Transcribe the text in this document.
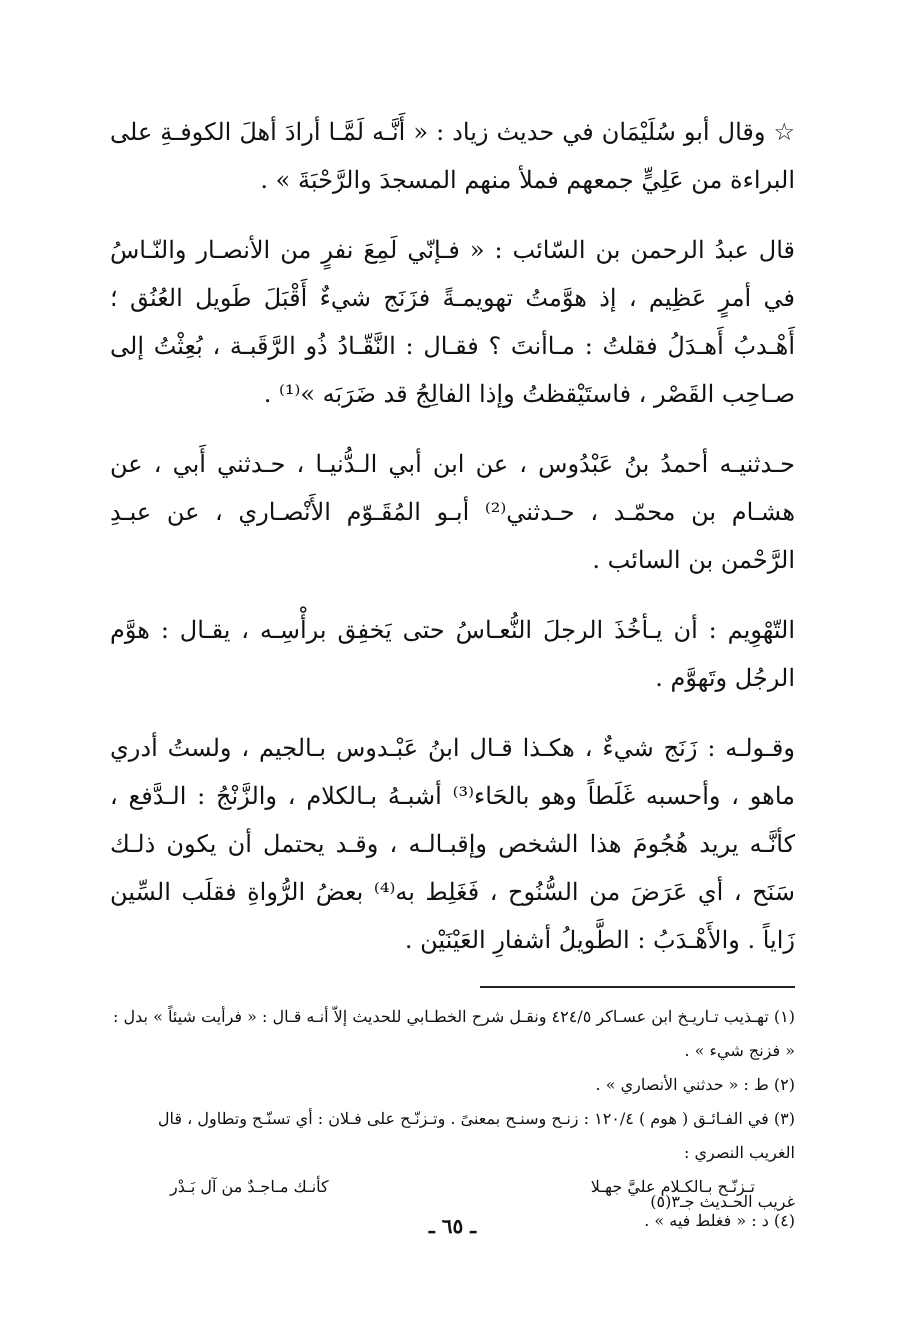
☆ وقال أبو سُلَيْمَان في حديث زياد : « أَنَّـه لَمَّـا أرادَ أهلَ الكوفـةِ على البراءة من عَلِيٍّ جمعهم فملأ منهم المسجدَ والرَّحْبَةَ » .

قال عبدُ الرحمن بن السّائب : « فـإنّي لَمِعَ نفرٍ من الأنصـار والنّـاسُ في أمرٍ عَظِيم ، إذ هوَّمتُ تهويمـةً فزَنَج شيءٌ أَقْبَلَ طَويل العُنُق ؛ أَهْـدبُ أَهـدَلُ فقلتُ : مـاأنتَ ؟ فقـال : النَّقّـادُ ذُو الرَّقَبـة ، بُعِثْتُ إلى صـاحِب القَصْر ، فاستَيْقظتُ وإذا الفالِجُ قد ضَرَبَه »⁽¹⁾ .

حـدثنيـه أحمدُ بنُ عَبْدُوس ، عن ابن أبي الـدُّنيـا ، حـدثني أَبي ، عن هشـام بن محمّـد ، حـدثني⁽²⁾ أبـو المُقَـوّم الأَنْصـاري ، عن عبـدِ الرَّحْمن بن السائب .

التّهْوِيم : أن يـأخُذَ الرجلَ النُّعـاسُ حتى يَخفِق برأْسِـه ، يقـال : هوَّم الرجُل وتَهوَّم .

وقـولـه : زَنَج شيءٌ ، هكـذا قـال ابنُ عَبْـدوس بـالجيم ، ولستُ أدري ماهو ، وأحسبه غَلَطاً وهو بالحَاء⁽³⁾ أشبـهُ بـالكلام ، والزَّنْجُ : الـدَّفع ، كأنَّـه يريد هُجُومَ هذا الشخص وإقبـالـه ، وقـد يحتمل أن يكون ذلـك سَنَح ، أي عَرَضَ من السُّنُوح ، فَغَلِط به⁽⁴⁾ بعضُ الرُّواةِ فقلَب السِّين زَاياً . والأَهْـدَبُ : الطَّويلُ أشفارِ العَيْنَيْن .

(١) تهـذيب تـاريـخ ابن عسـاكر ٤٢٤/٥ ونقـل شرح الخطـابي للحديث إلاّ أنـه قـال : « فرأيت شيئاً » بدل : « فزنج شيء » .

(٢) ط : « حدثني الأنصاري » .

(٣) في الفـائـق ( هوم ) ١٢٠/٤ : زنـح وسنـح بمعنىً . وتـزنّـح على فـلان : أي تسنّـح وتطاول ، قال الغريب النصري :

تـزنّـح بـالكـلام عليَّ جهـلا
كأنـك مـاجـدٌ من آل بَـدْر

(٤) د : « فغلط فيه » .

غريب الحـديث جـ٣(٥)
ـ ٦٥ ـ
